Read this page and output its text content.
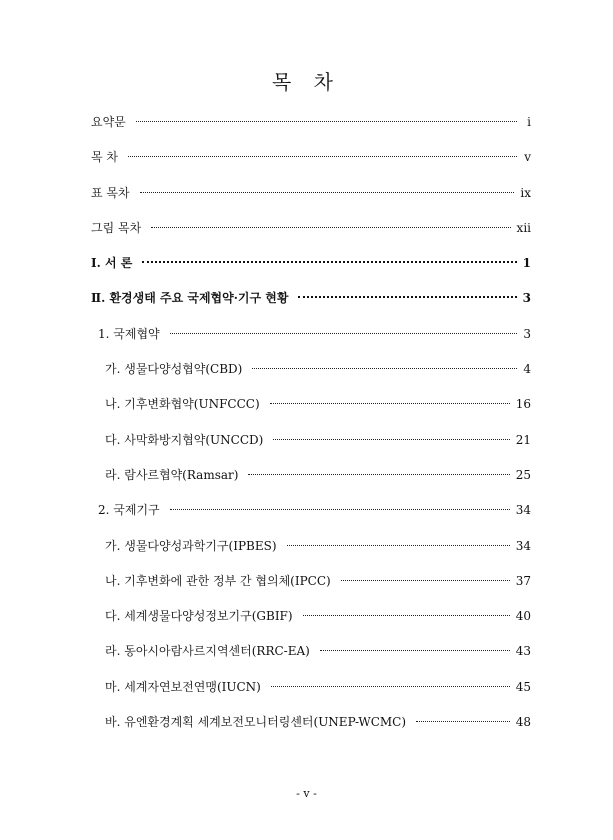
목 차
요약문	i
목 차	v
표 목차	ix
그림 목차	xii
Ⅰ. 서 론	1
Ⅱ. 환경생태 주요 국제협약·기구 현황	3
1. 국제협약	3
가. 생물다양성협약(CBD)	4
나. 기후변화협약(UNFCCC)	16
다. 사막화방지협약(UNCCD)	21
라. 람사르협약(Ramsar)	25
2. 국제기구	34
가. 생물다양성과학기구(IPBES)	34
나. 기후변화에 관한 정부 간 협의체(IPCC)	37
다. 세계생물다양성정보기구(GBIF)	40
라. 동아시아람사르지역센터(RRC-EA)	43
마. 세계자연보전연맹(IUCN)	45
바. 유엔환경계획 세계보전모니터링센터(UNEP-WCMC)	48
- v -
